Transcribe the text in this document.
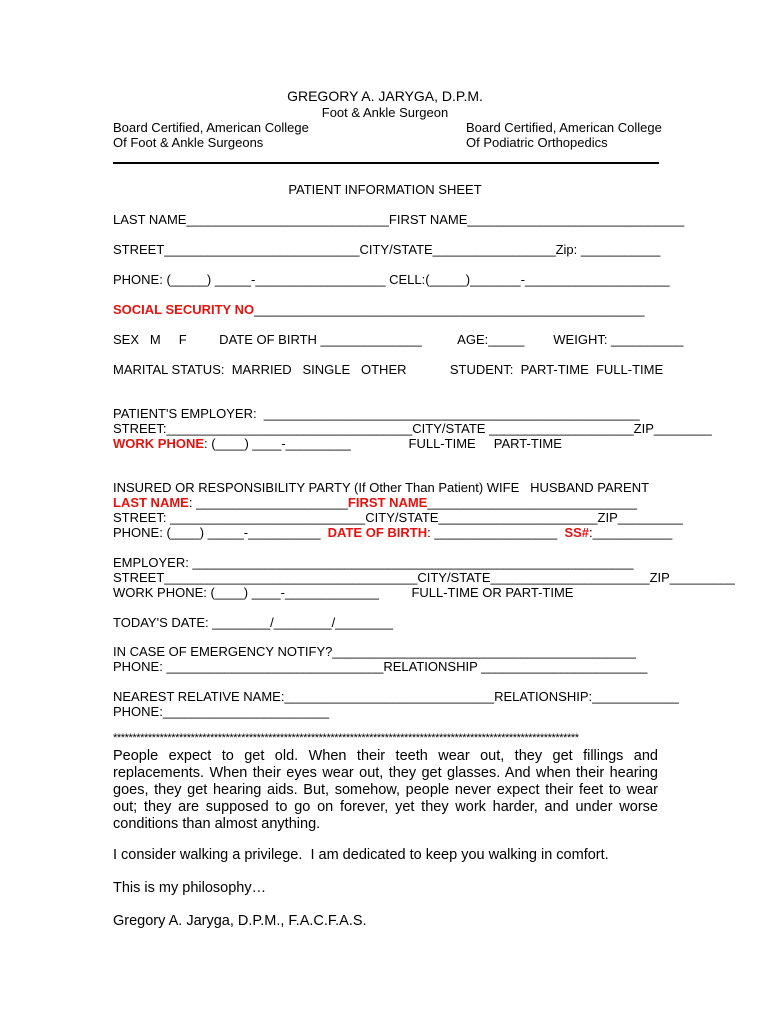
GREGORY A. JARYGA, D.P.M.
Foot & Ankle Surgeon
Board Certified, American College
Of Foot & Ankle Surgeons
Board Certified, American College
Of Podiatric Orthopedics
PATIENT INFORMATION SHEET
LAST NAME____________________________FIRST NAME______________________________
STREET___________________________CITY/STATE_________________Zip: ___________
PHONE: (_____) _____-__________________ CELL:(_____)_______-____________________
SOCIAL SECURITY NO______________________________________________________
SEX   M     F         DATE OF BIRTH ______________          AGE:_____        WEIGHT: __________
MARITAL STATUS:  MARRIED   SINGLE   OTHER            STUDENT:  PART-TIME  FULL-TIME
PATIENT'S EMPLOYER:  ____________________________________________________
STREET:__________________________________CITY/STATE ____________________ZIP________
WORK PHONE: (____) ____-_________                FULL-TIME     PART-TIME
INSURED OR RESPONSIBILITY PARTY (If Other Than Patient) WIFE   HUSBAND PARENT
LAST NAME: _____________________FIRST NAME_____________________________
STREET: ___________________________CITY/STATE______________________ZIP_________
PHONE: (____) _____-__________ DATE OF BIRTH: _________________ SS#:___________
EMPLOYER: _____________________________________________________________
STREET___________________________________CITY/STATE______________________ZIP_________
WORK PHONE: (____) ____-_____________         FULL-TIME OR PART-TIME
TODAY'S DATE: ________/________/________
IN CASE OF EMERGENCY NOTIFY?__________________________________________
PHONE: ______________________________RELATIONSHIP _______________________
NEAREST RELATIVE NAME:_____________________________RELATIONSHIP:____________
PHONE:_______________________
************************************************************************************************************************
People expect to get old. When their teeth wear out, they get fillings and replacements. When their eyes wear out, they get glasses. And when their hearing goes, they get hearing aids. But, somehow, people never expect their feet to wear out; they are supposed to go on forever, yet they work harder, and under worse conditions than almost anything.
I consider walking a privilege.  I am dedicated to keep you walking in comfort.
This is my philosophy…
Gregory A. Jaryga, D.P.M., F.A.C.F.A.S.
